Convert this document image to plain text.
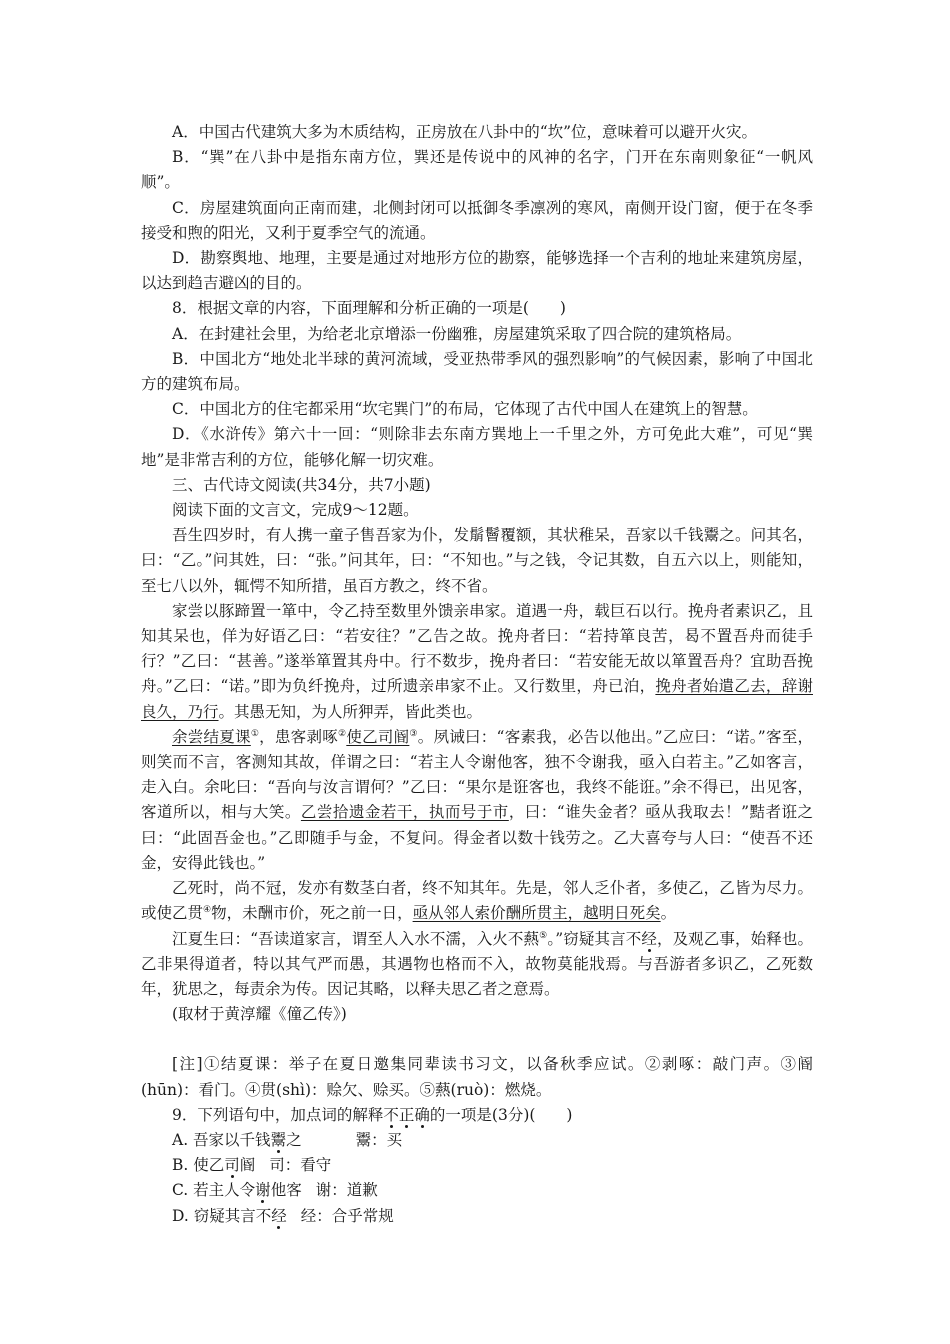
A．中国古代建筑大多为木质结构，正房放在八卦中的“坎”位，意味着可以避开火灾。

B．“巽”在八卦中是指东南方位，巽还是传说中的风神的名字，门开在东南则象征“一帆风顺”。

C．房屋建筑面向正南而建，北侧封闭可以抵御冬季凛冽的寒风，南侧开设门窗，便于在冬季接受和煦的阳光，又利于夏季空气的流通。

D．勘察舆地、地理，主要是通过对地形方位的勘察，能够选择一个吉利的地址来建筑房屋，以达到趋吉避凶的目的。

8．根据文章的内容，下面理解和分析正确的一项是(　　)

A．在封建社会里，为给老北京增添一份幽雅，房屋建筑采取了四合院的建筑格局。

B．中国北方“地处北半球的黄河流域，受亚热带季风的强烈影响”的气候因素，影响了中国北方的建筑布局。

C．中国北方的住宅都采用“坎宅巽门”的布局，它体现了古代中国人在建筑上的智慧。

D．《水浒传》第六十一回：“则除非去东南方巽地上一千里之外，方可免此大难”，可见“巽地”是非常吉利的方位，能够化解一切灾难。

三、古代诗文阅读(共34分，共7小题)

阅读下面的文言文，完成9～12题。

吾生四岁时，有人携一童子售吾家为仆，发鬅鬙覆额，其状稚呆，吾家以千钱鬻之。问其名，曰：“乙。”问其姓，曰：“张。”问其年，曰：“不知也。”与之钱，令记其数，自五六以上，则能知，至七八以外，辄愕不知所措，虽百方教之，终不省。

家尝以豚蹄置一箪中，令乙持至数里外馈亲串家。道遇一舟，载巨石以行。挽舟者素识乙，且知其呆也，佯为好语乙曰：“若安往？”乙告之故。挽舟者曰：“若持箪良苦，曷不置吾舟而徒手行？”乙曰：“甚善。”遂举箪置其舟中。行不数步，挽舟者曰：“若安能无故以箪置吾舟？宜助吾挽舟。”乙曰：“诺。”即为负纤挽舟，过所遗亲串家不止。又行数里，舟已泊，挽舟者始遣乙去，辞谢良久，乃行。其愚无知，为人所狎弄，皆此类也。

余尝结夏课①，患客剥啄②使乙司阍③。夙诫曰：“客素我，必告以他出。”乙应曰：“诺。”客至，则笑而不言，客测知其故，佯谓之曰：“若主人令谢他客，独不令谢我，亟入白若主。”乙如客言，走入白。余叱曰：“吾向与汝言谓何？”乙曰：“果尔是诳客也，我终不能诳。”余不得已，出见客，客道所以，相与大笑。乙尝拾遗金若干，执而号于市，曰：“谁失金者？亟从我取去！”黠者诳之曰：“此固吾金也。”乙即随手与金，不复问。得金者以数十钱劳之。乙大喜夸与人曰：“使吾不还金，安得此钱也。”

乙死时，尚不冠，发亦有数茎白者，终不知其年。先是，邻人乏仆者，多使乙，乙皆为尽力。或使乙贯④物，未酬市价，死之前一日，亟从邻人索价酬所贯主，越明日死矣。

江夏生曰：“吾读道家言，谓至人入水不濡，入火不爇⑤。”窃疑其言不经，及观乙事，始释也。乙非果得道者，特以其气严而愚，其遇物也格而不入，故物莫能戕焉。与吾游者多识乙，乙死数年，犹思之，每责余为传。因记其略，以释夫思乙者之意焉。

(取材于黄淳耀《僮乙传》)

[注]①结夏课：举子在夏日邀集同辈读书习文，以备秋季应试。②剥啄：敲门声。③阍(hūn)：看门。④贯(shì)：赊欠、赊买。⑤爇(ruò)：燃烧。

9．下列语句中，加点词的解释不正确的一项是(3分)(　　)

A. 吾家以千钱鬻之	鬻：买

B. 使乙司阍 司：看守

C. 若主人令谢他客 谢：道歉

D. 窃疑其言不经 经：合乎常规
